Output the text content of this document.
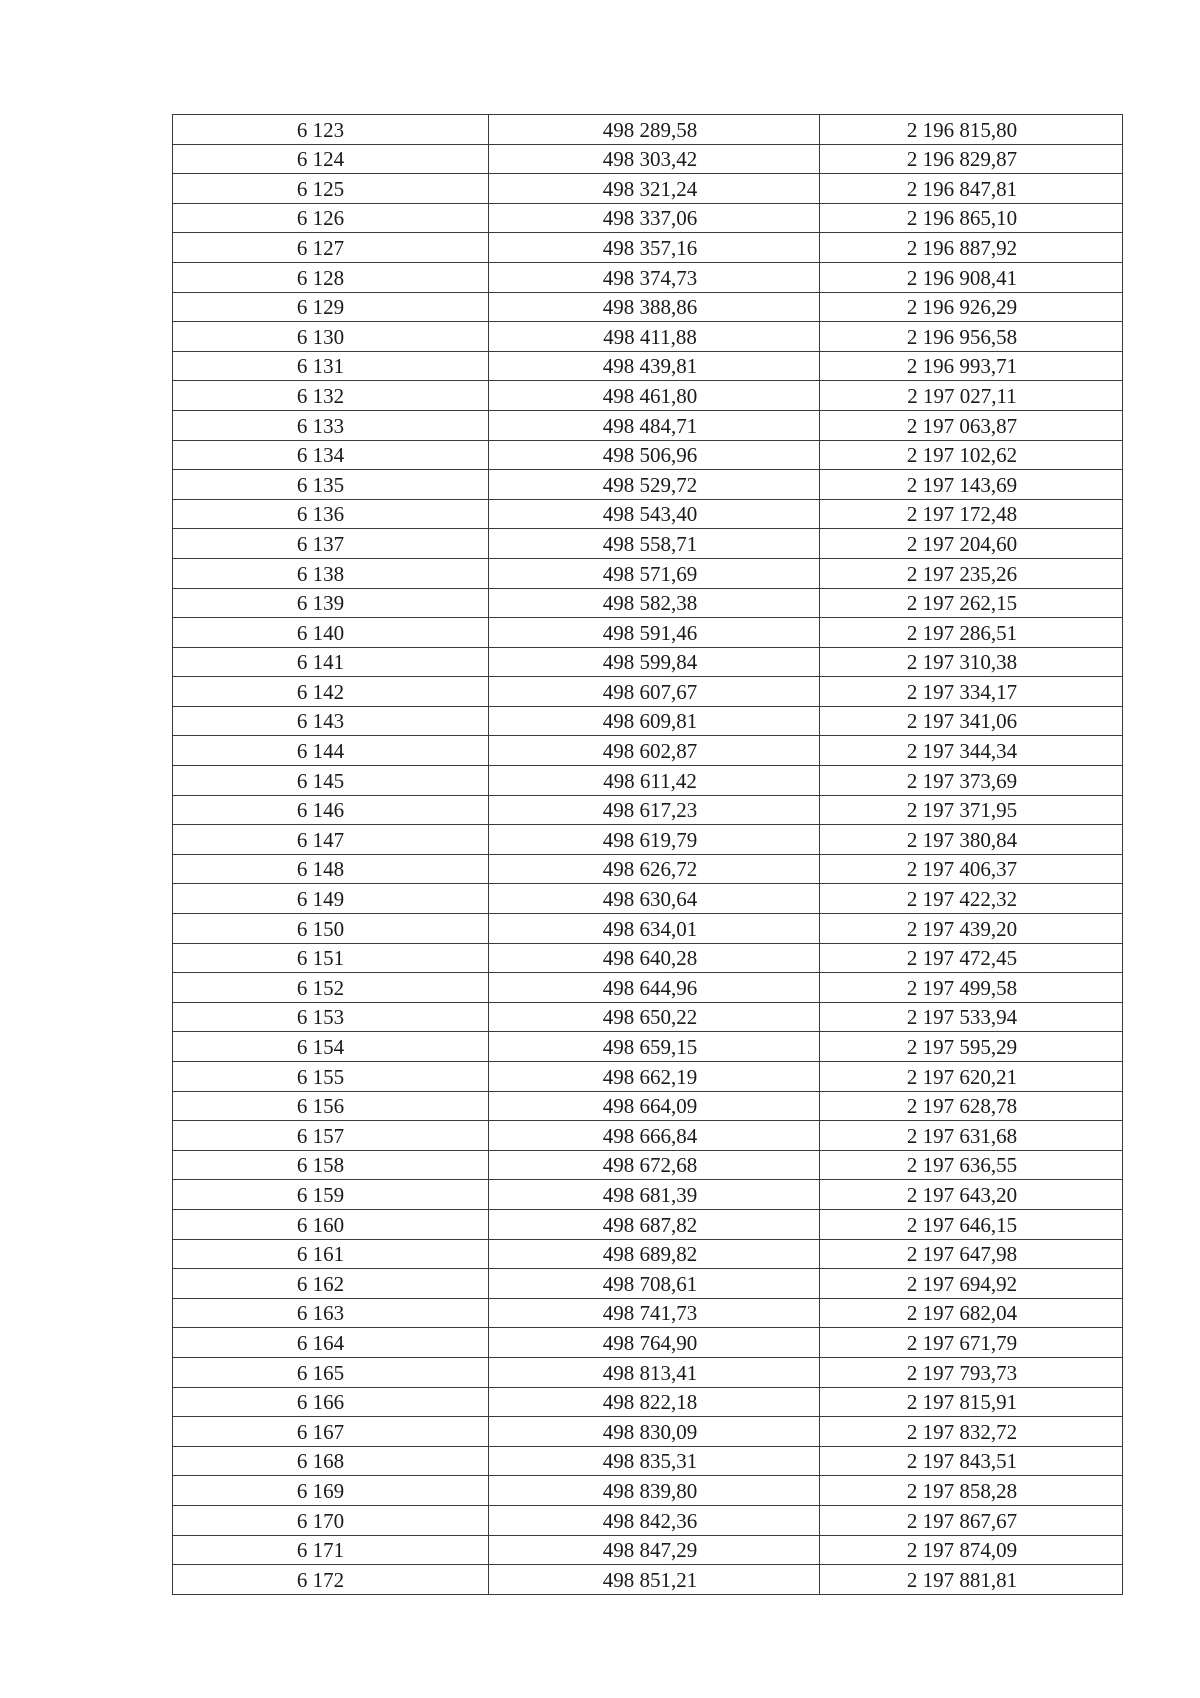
6 123	498 289,58	2 196 815,80
6 124	498 303,42	2 196 829,87
6 125	498 321,24	2 196 847,81
6 126	498 337,06	2 196 865,10
6 127	498 357,16	2 196 887,92
6 128	498 374,73	2 196 908,41
6 129	498 388,86	2 196 926,29
6 130	498 411,88	2 196 956,58
6 131	498 439,81	2 196 993,71
6 132	498 461,80	2 197 027,11
6 133	498 484,71	2 197 063,87
6 134	498 506,96	2 197 102,62
6 135	498 529,72	2 197 143,69
6 136	498 543,40	2 197 172,48
6 137	498 558,71	2 197 204,60
6 138	498 571,69	2 197 235,26
6 139	498 582,38	2 197 262,15
6 140	498 591,46	2 197 286,51
6 141	498 599,84	2 197 310,38
6 142	498 607,67	2 197 334,17
6 143	498 609,81	2 197 341,06
6 144	498 602,87	2 197 344,34
6 145	498 611,42	2 197 373,69
6 146	498 617,23	2 197 371,95
6 147	498 619,79	2 197 380,84
6 148	498 626,72	2 197 406,37
6 149	498 630,64	2 197 422,32
6 150	498 634,01	2 197 439,20
6 151	498 640,28	2 197 472,45
6 152	498 644,96	2 197 499,58
6 153	498 650,22	2 197 533,94
6 154	498 659,15	2 197 595,29
6 155	498 662,19	2 197 620,21
6 156	498 664,09	2 197 628,78
6 157	498 666,84	2 197 631,68
6 158	498 672,68	2 197 636,55
6 159	498 681,39	2 197 643,20
6 160	498 687,82	2 197 646,15
6 161	498 689,82	2 197 647,98
6 162	498 708,61	2 197 694,92
6 163	498 741,73	2 197 682,04
6 164	498 764,90	2 197 671,79
6 165	498 813,41	2 197 793,73
6 166	498 822,18	2 197 815,91
6 167	498 830,09	2 197 832,72
6 168	498 835,31	2 197 843,51
6 169	498 839,80	2 197 858,28
6 170	498 842,36	2 197 867,67
6 171	498 847,29	2 197 874,09
6 172	498 851,21	2 197 881,81
